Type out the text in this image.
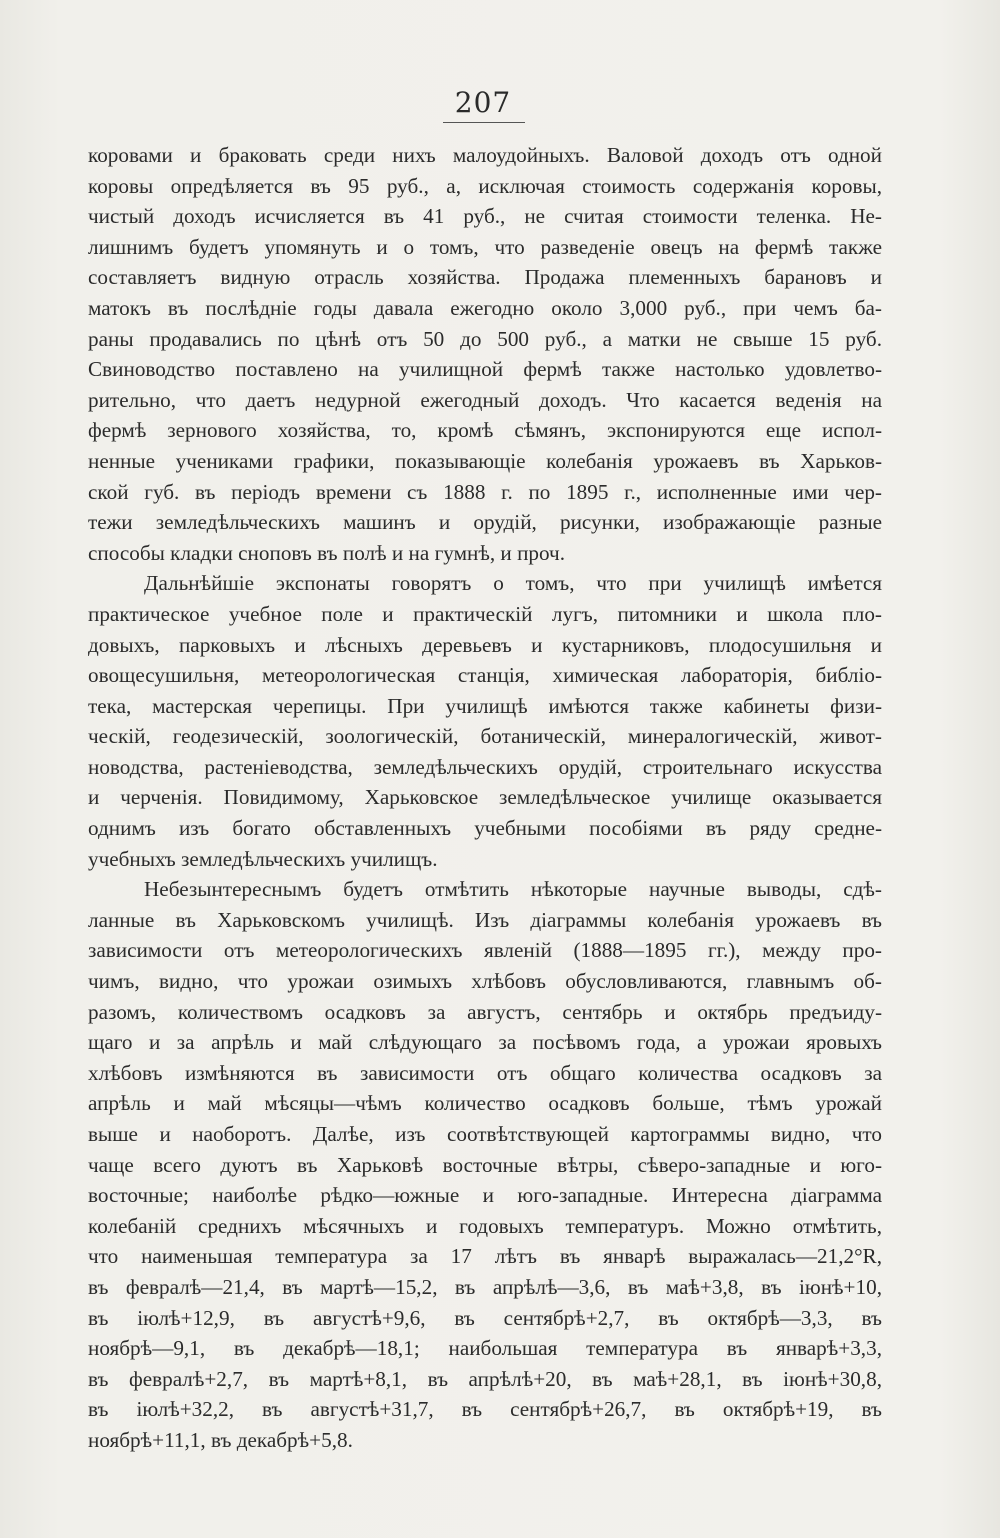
207
коровами и браковать среди нихъ малоудойныхъ. Валовой доходъ отъ одной
коровы опредѣляется въ 95 руб., а, исключая стоимость содержанія коровы,
чистый доходъ исчисляется въ 41 руб., не считая стоимости теленка. Не-
лишнимъ будетъ упомянуть и о томъ, что разведеніе овецъ на фермѣ также
составляетъ видную отрасль хозяйства. Продажа племенныхъ барановъ и
матокъ въ послѣдніе годы давала ежегодно около 3,000 руб., при чемъ ба-
раны продавались по цѣнѣ отъ 50 до 500 руб., а матки не свыше 15 руб.
Свиноводство поставлено на училищной фермѣ также настолько удовлетво-
рительно, что даетъ недурной ежегодный доходъ. Что касается веденія на
фермѣ зернового хозяйства, то, кромѣ сѣмянъ, экспонируются еще испол-
ненные учениками графики, показывающіе колебанія урожаевъ въ Харьков-
ской губ. въ періодъ времени съ 1888 г. по 1895 г., исполненные ими чер-
тежи земледѣльческихъ машинъ и орудій, рисунки, изображающіе разные
способы кладки сноповъ въ полѣ и на гумнѣ, и проч.
Дальнѣйшіе экспонаты говорятъ о томъ, что при училищѣ имѣется
практическое учебное поле и практическій лугъ, питомники и школа пло-
довыхъ, парковыхъ и лѣсныхъ деревьевъ и кустарниковъ, плодосушильня и
овощесушильня, метеорологическая станція, химическая лабораторія, библіо-
тека, мастерская черепицы. При училищѣ имѣются также кабинеты физи-
ческій, геодезическій, зоологическій, ботаническій, минералогическій, живот-
новодства, растеніеводства, земледѣльческихъ орудій, строительнаго искусства
и черченія. Повидимому, Харьковское земледѣльческое училище оказывается
однимъ изъ богато обставленныхъ учебными пособіями въ ряду средне-
учебныхъ земледѣльческихъ училищъ.
Небезынтереснымъ будетъ отмѣтить нѣкоторые научные выводы, сдѣ-
ланные въ Харьковскомъ училищѣ. Изъ діаграммы колебанія урожаевъ въ
зависимости отъ метеорологическихъ явленій (1888—1895 гг.), между про-
чимъ, видно, что урожаи озимыхъ хлѣбовъ обусловливаются, главнымъ об-
разомъ, количествомъ осадковъ за августъ, сентябрь и октябрь предъиду-
щаго и за апрѣль и май слѣдующаго за посѣвомъ года, а урожаи яровыхъ
хлѣбовъ измѣняются въ зависимости отъ общаго количества осадковъ за
апрѣль и май мѣсяцы—чѣмъ количество осадковъ больше, тѣмъ урожай
выше и наоборотъ. Далѣе, изъ соотвѣтствующей картограммы видно, что
чаще всего дуютъ въ Харьковѣ восточные вѣтры, сѣверо-западные и юго-
восточные; наиболѣе рѣдко—южные и юго-западные. Интересна діаграмма
колебаній среднихъ мѣсячныхъ и годовыхъ температуръ. Можно отмѣтить,
что наименьшая температура за 17 лѣтъ въ январѣ выражалась—21,2°R,
въ февралѣ—21,4, въ мартѣ—15,2, въ апрѣлѣ—3,6, въ маѣ+3,8, въ іюнѣ+10,
въ іюлѣ+12,9, въ августѣ+9,6, въ сентябрѣ+2,7, въ октябрѣ—3,3, въ
ноябрѣ—9,1, въ декабрѣ—18,1; наибольшая температура въ январѣ+3,3,
въ февралѣ+2,7, въ мартѣ+8,1, въ апрѣлѣ+20, въ маѣ+28,1, въ іюнѣ+30,8,
въ іюлѣ+32,2, въ августѣ+31,7, въ сентябрѣ+26,7, въ октябрѣ+19, въ
ноябрѣ+11,1, въ декабрѣ+5,8.
